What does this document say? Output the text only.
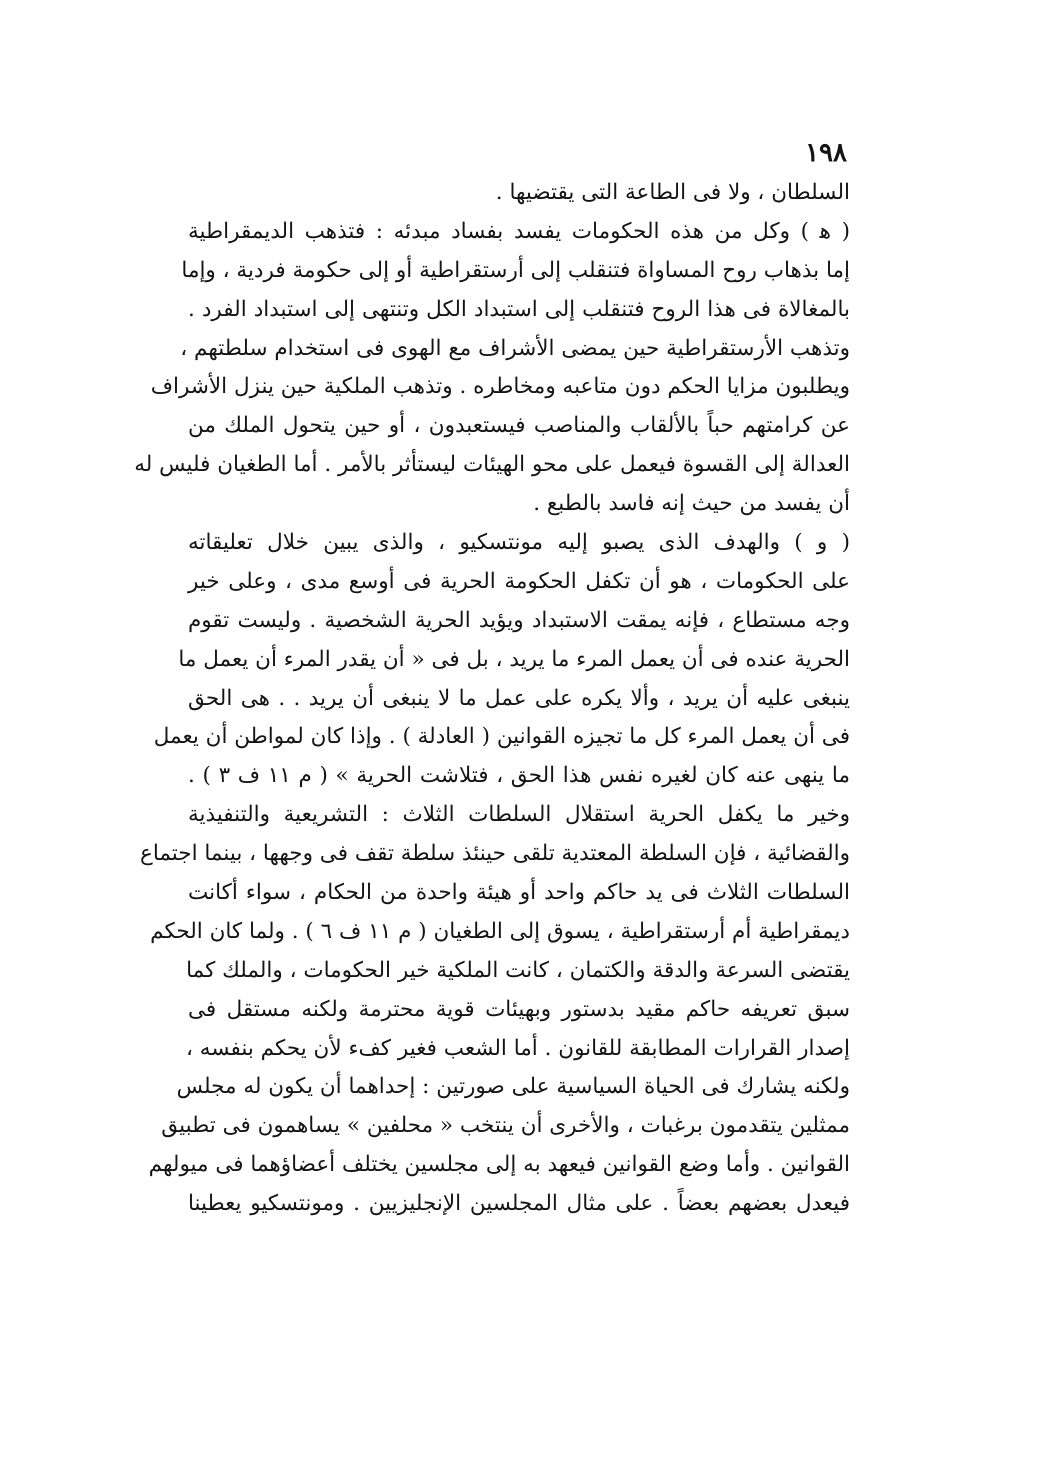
١٩٨
السلطان ، ولا فى الطاعة التى يقتضيها .
( ﻫ ) وكل من هذه الحكومات يفسد بفساد مبدئه : فتذهب الديمقراطية
إما بذهاب روح المساواة فتنقلب إلى أرستقراطية أو إلى حكومة فردية ، وإما
بالمغالاة فى هذا الروح فتنقلب إلى استبداد الكل وتنتهى إلى استبداد الفرد .
وتذهب الأرستقراطية حين يمضى الأشراف مع الهوى فى استخدام سلطتهم ،
ويطلبون مزايا الحكم دون متاعبه ومخاطره . وتذهب الملكية حين ينزل الأشراف
عن كرامتهم حباً بالألقاب والمناصب فيستعبدون ، أو حين يتحول الملك من
العدالة إلى القسوة فيعمل على محو الهيئات ليستأثر بالأمر . أما الطغيان فليس له
أن يفسد من حيث إنه فاسد بالطبع .
( و ) والهدف الذى يصبو إليه مونتسكيو ، والذى يبين خلال تعليقاته
على الحكومات ، هو أن تكفل الحكومة الحرية فى أوسع مدى ، وعلى خير
وجه مستطاع ، فإنه يمقت الاستبداد ويؤيد الحرية الشخصية . وليست تقوم
الحرية عنده فى أن يعمل المرء ما يريد ، بل فى « أن يقدر المرء أن يعمل ما
ينبغى عليه أن يريد ، وألا يكره على عمل ما لا ينبغى أن يريد . . هى الحق
فى أن يعمل المرء كل ما تجيزه القوانين ( العادلة ) . وإذا كان لمواطن أن يعمل
ما ينهى عنه كان لغيره نفس هذا الحق ، فتلاشت الحرية » ( م ١١ ف ٣ ) .
وخير ما يكفل الحرية استقلال السلطات الثلاث : التشريعية والتنفيذية
والقضائية ، فإن السلطة المعتدية تلقى حينئذ سلطة تقف فى وجهها ، بينما اجتماع
السلطات الثلاث فى يد حاكم واحد أو هيئة واحدة من الحكام ، سواء أكانت
ديمقراطية أم أرستقراطية ، يسوق إلى الطغيان ( م ١١ ف ٦ ) . ولما كان الحكم
يقتضى السرعة والدقة والكتمان ، كانت الملكية خير الحكومات ، والملك كما
سبق تعريفه حاكم مقيد بدستور وبهيئات قوية محترمة ولكنه مستقل فى
إصدار القرارات المطابقة للقانون . أما الشعب فغير كفء لأن يحكم بنفسه ،
ولكنه يشارك فى الحياة السياسية على صورتين : إحداهما أن يكون له مجلس
ممثلين يتقدمون برغبات ، والأخرى أن ينتخب « محلفين » يساهمون فى تطبيق
القوانين . وأما وضع القوانين فيعهد به إلى مجلسين يختلف أعضاؤهما فى ميولهم
فيعدل بعضهم بعضاً . على مثال المجلسين الإنجليزيين . ومونتسكيو يعطينا
